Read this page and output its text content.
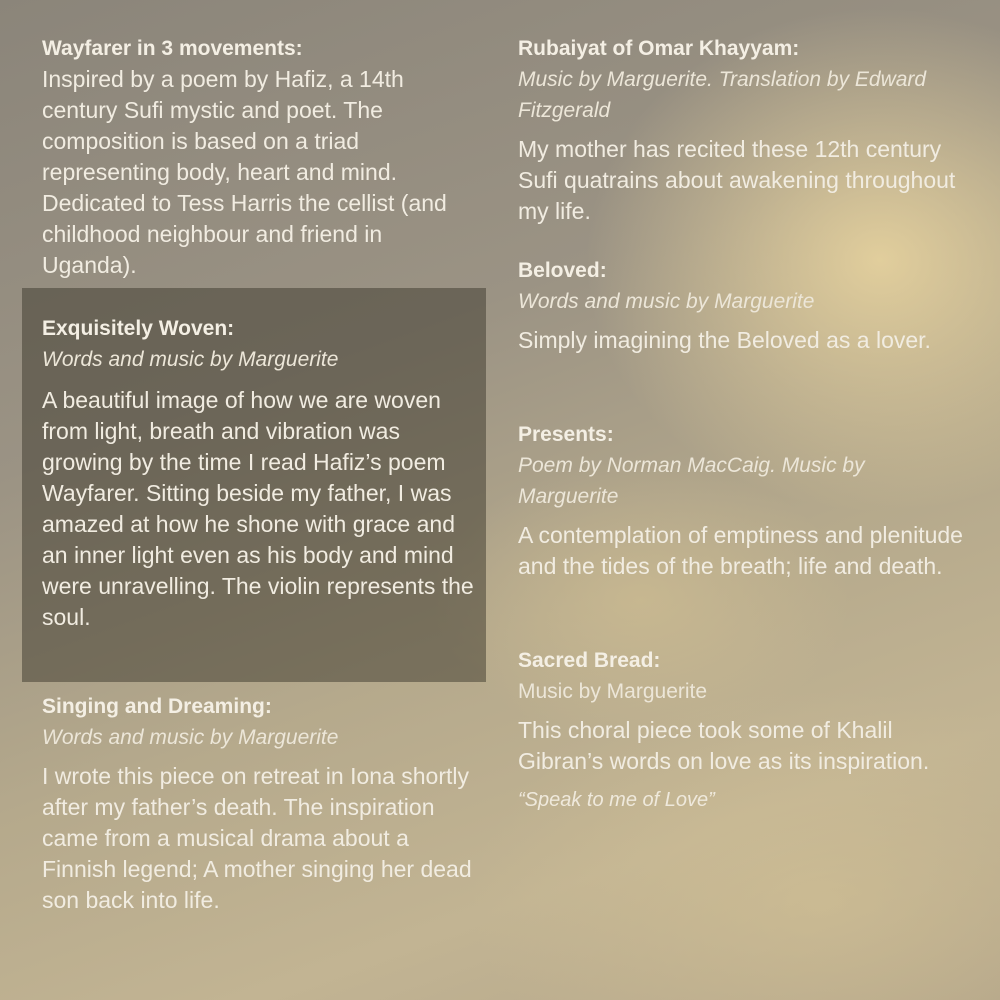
Wayfarer in 3 movements:

Inspired by a poem by Hafiz, a 14th century Sufi mystic and poet. The composition is based on a triad representing body, heart and mind. Dedicated to Tess Harris the cellist (and childhood neighbour and friend in Uganda).

Exquisitely Woven:

Words and music by Marguerite

A beautiful image of how we are woven from light, breath and vibration was growing by the time I read Hafiz’s poem Wayfarer. Sitting beside my father, I was amazed at how he shone with grace and an inner light even as his body and mind were unravelling. The violin represents the soul.

Singing and Dreaming:

Words and music by Marguerite

I wrote this piece on retreat in Iona shortly after my father’s death. The inspiration came from a musical drama about a Finnish legend; A mother singing her dead son back into life.

Rubaiyat of Omar Khayyam:

Music by Marguerite. Translation by Edward Fitzgerald

My mother has recited these 12th century Sufi quatrains about awakening throughout my life.

Beloved:

Words and music by Marguerite

Simply imagining the Beloved as a lover.

Presents:

Poem by Norman MacCaig. Music by Marguerite

A contemplation of emptiness and plenitude and the tides of the breath; life and death.

Sacred Bread:

Music by Marguerite

This choral piece took some of Khalil Gibran’s words on love as its inspiration.

“Speak to me of Love”
